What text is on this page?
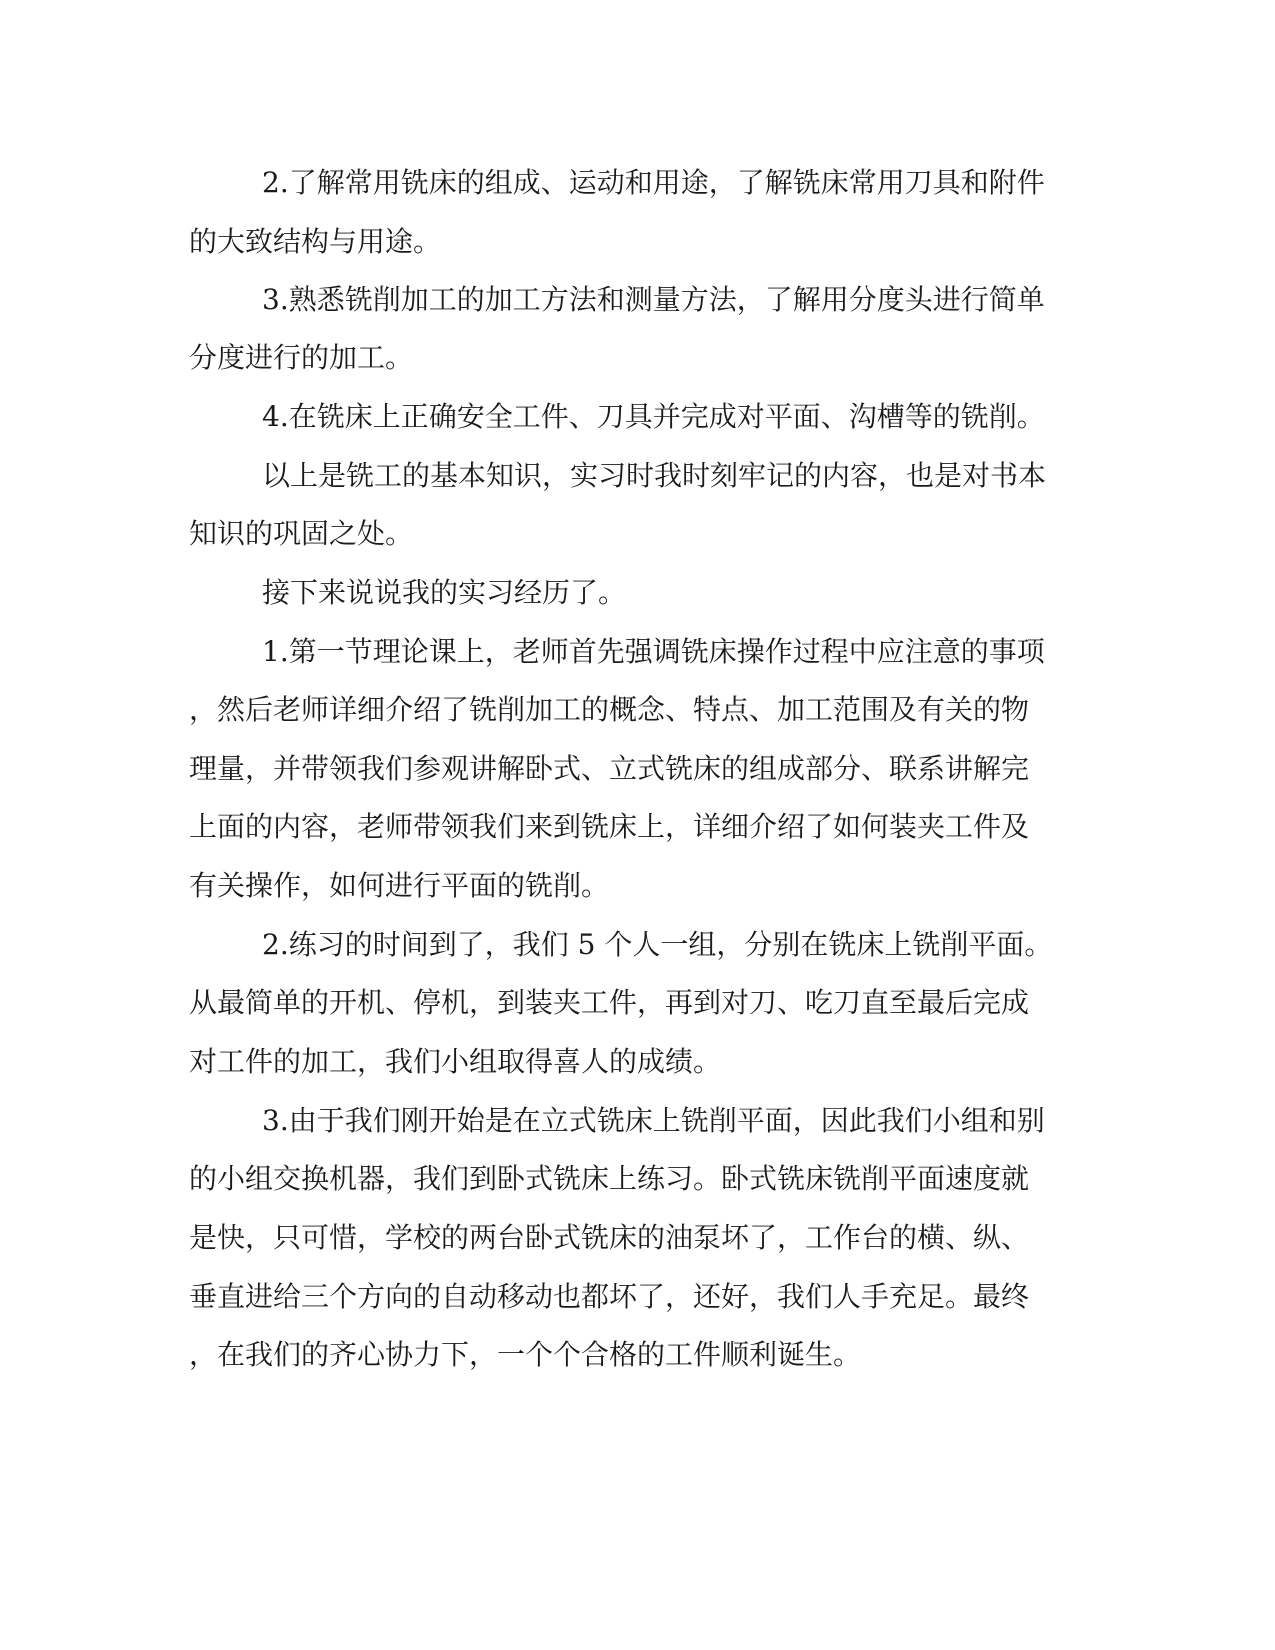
2.了解常用铣床的组成、运动和用途，了解铣床常用刀具和附件
的大致结构与用途。
3.熟悉铣削加工的加工方法和测量方法，了解用分度头进行简单
分度进行的加工。
4.在铣床上正确安全工件、刀具并完成对平面、沟槽等的铣削。
以上是铣工的基本知识，实习时我时刻牢记的内容，也是对书本
知识的巩固之处。
接下来说说我的实习经历了。
1.第一节理论课上，老师首先强调铣床操作过程中应注意的事项
，然后老师详细介绍了铣削加工的概念、特点、加工范围及有关的物
理量，并带领我们参观讲解卧式、立式铣床的组成部分、联系讲解完
上面的内容，老师带领我们来到铣床上，详细介绍了如何装夹工件及
有关操作，如何进行平面的铣削。
2.练习的时间到了，我们 5 个人一组，分别在铣床上铣削平面。
从最简单的开机、停机，到装夹工件，再到对刀、吃刀直至最后完成
对工件的加工，我们小组取得喜人的成绩。
3.由于我们刚开始是在立式铣床上铣削平面，因此我们小组和别
的小组交换机器，我们到卧式铣床上练习。卧式铣床铣削平面速度就
是快，只可惜，学校的两台卧式铣床的油泵坏了，工作台的横、纵、
垂直进给三个方向的自动移动也都坏了，还好，我们人手充足。最终
，在我们的齐心协力下，一个个合格的工件顺利诞生。
